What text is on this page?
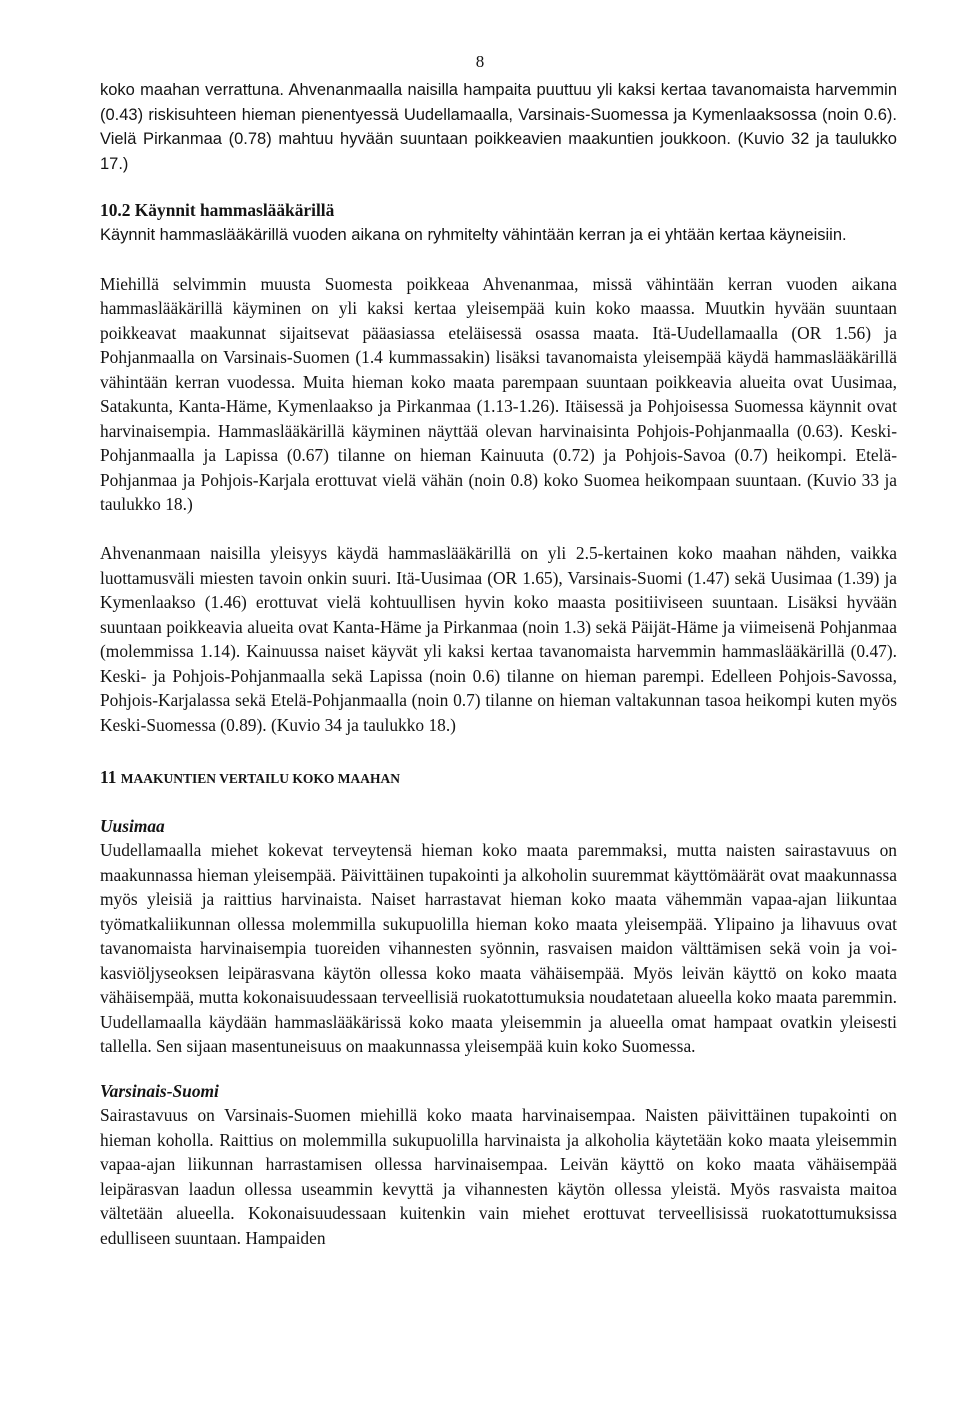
8

koko maahan verrattuna. Ahvenanmaalla naisilla hampaita puuttuu yli kaksi kertaa tavanomaista harvemmin (0.43) riskisuhteen hieman pienentyessä Uudellamaalla, Varsinais-Suomessa ja Kymenlaaksossa (noin 0.6). Vielä Pirkanmaa (0.78) mahtuu hyvään suuntaan poikkeavien maakuntien joukkoon. (Kuvio 32 ja taulukko 17.)

10.2 Käynnit hammaslääkärillä

Käynnit hammaslääkärillä vuoden aikana on ryhmitelty vähintään kerran ja ei yhtään kertaa käyneisiin.

Miehillä selvimmin muusta Suomesta poikkeaa Ahvenanmaa, missä vähintään kerran vuoden aikana hammaslääkärillä käyminen on yli kaksi kertaa yleisempää kuin koko maassa. Muutkin hyvään suuntaan poikkeavat maakunnat sijaitsevat pääasiassa eteläisessä osassa maata. Itä-Uudellamaalla (OR 1.56) ja Pohjanmaalla on Varsinais-Suomen (1.4 kummassakin) lisäksi tavanomaista yleisempää käydä hammaslääkärillä vähintään kerran vuodessa. Muita hieman koko maata parempaan suuntaan poikkeavia alueita ovat Uusimaa, Satakunta, Kanta-Häme, Kymenlaakso ja Pirkanmaa (1.13-1.26). Itäisessä ja Pohjoisessa Suomessa käynnit ovat harvinaisempia. Hammaslääkärillä käyminen näyttää olevan harvinaisinta Pohjois-Pohjanmaalla (0.63). Keski-Pohjanmaalla ja Lapissa (0.67) tilanne on hieman Kainuuta (0.72) ja Pohjois-Savoa (0.7) heikompi. Etelä-Pohjanmaa ja Pohjois-Karjala erottuvat vielä vähän (noin 0.8) koko Suomea heikompaan suuntaan. (Kuvio 33 ja taulukko 18.)

Ahvenanmaan naisilla yleisyys käydä hammaslääkärillä on yli 2.5-kertainen koko maahan nähden, vaikka luottamusväli miesten tavoin onkin suuri. Itä-Uusimaa (OR 1.65), Varsinais-Suomi (1.47) sekä Uusimaa (1.39) ja Kymenlaakso (1.46) erottuvat vielä kohtuullisen hyvin koko maasta positiiviseen suuntaan. Lisäksi hyvään suuntaan poikkeavia alueita ovat Kanta-Häme ja Pirkanmaa (noin 1.3) sekä Päijät-Häme ja viimeisenä Pohjanmaa (molemmissa 1.14). Kainuussa naiset käyvät yli kaksi kertaa tavanomaista harvemmin hammaslääkärillä (0.47). Keski- ja Pohjois-Pohjanmaalla sekä Lapissa (noin 0.6) tilanne on hieman parempi. Edelleen Pohjois-Savossa, Pohjois-Karjalassa sekä Etelä-Pohjanmaalla (noin 0.7) tilanne on hieman valtakunnan tasoa heikompi kuten myös Keski-Suomessa (0.89). (Kuvio 34 ja taulukko 18.)

11 MAAKUNTIEN VERTAILU KOKO MAAHAN
Uusimaa

Uudellamaalla miehet kokevat terveytensä hieman koko maata paremmaksi, mutta naisten sairastavuus on maakunnassa hieman yleisempää. Päivittäinen tupakointi ja alkoholin suuremmat käyttömäärät ovat maakunnassa myös yleisiä ja raittius harvinaista. Naiset harrastavat hieman koko maata vähemmän vapaa-ajan liikuntaa työmatkaliikunnan ollessa molemmilla sukupuolilla hieman koko maata yleisempää. Ylipaino ja lihavuus ovat tavanomaista harvinaisempia tuoreiden vihannesten syönnin, rasvaisen maidon välttämisen sekä voin ja voi-kasviöljyseoksen leipärasvana käytön ollessa koko maata vähäisempää. Myös leivän käyttö on koko maata vähäisempää, mutta kokonaisuudessaan terveellisiä ruokatottumuksia noudatetaan alueella koko maata paremmin. Uudellamaalla käydään hammaslääkärissä koko maata yleisemmin ja alueella omat hampaat ovatkin yleisesti tallella. Sen sijaan masentuneisuus on maakunnassa yleisempää kuin koko Suomessa.

Varsinais-Suomi

Sairastavuus on Varsinais-Suomen miehillä koko maata harvinaisempaa. Naisten päivittäinen tupakointi on hieman koholla. Raittius on molemmilla sukupuolilla harvinaista ja alkoholia käytetään koko maata yleisemmin vapaa-ajan liikunnan harrastamisen ollessa harvinaisempaa. Leivän käyttö on koko maata vähäisempää leipärasvan laadun ollessa useammin kevyttä ja vihannesten käytön ollessa yleistä. Myös rasvaista maitoa vältetään alueella. Kokonaisuudessaan kuitenkin vain miehet erottuvat terveellisissä ruokatottumuksissa edulliseen suuntaan. Hampaiden
